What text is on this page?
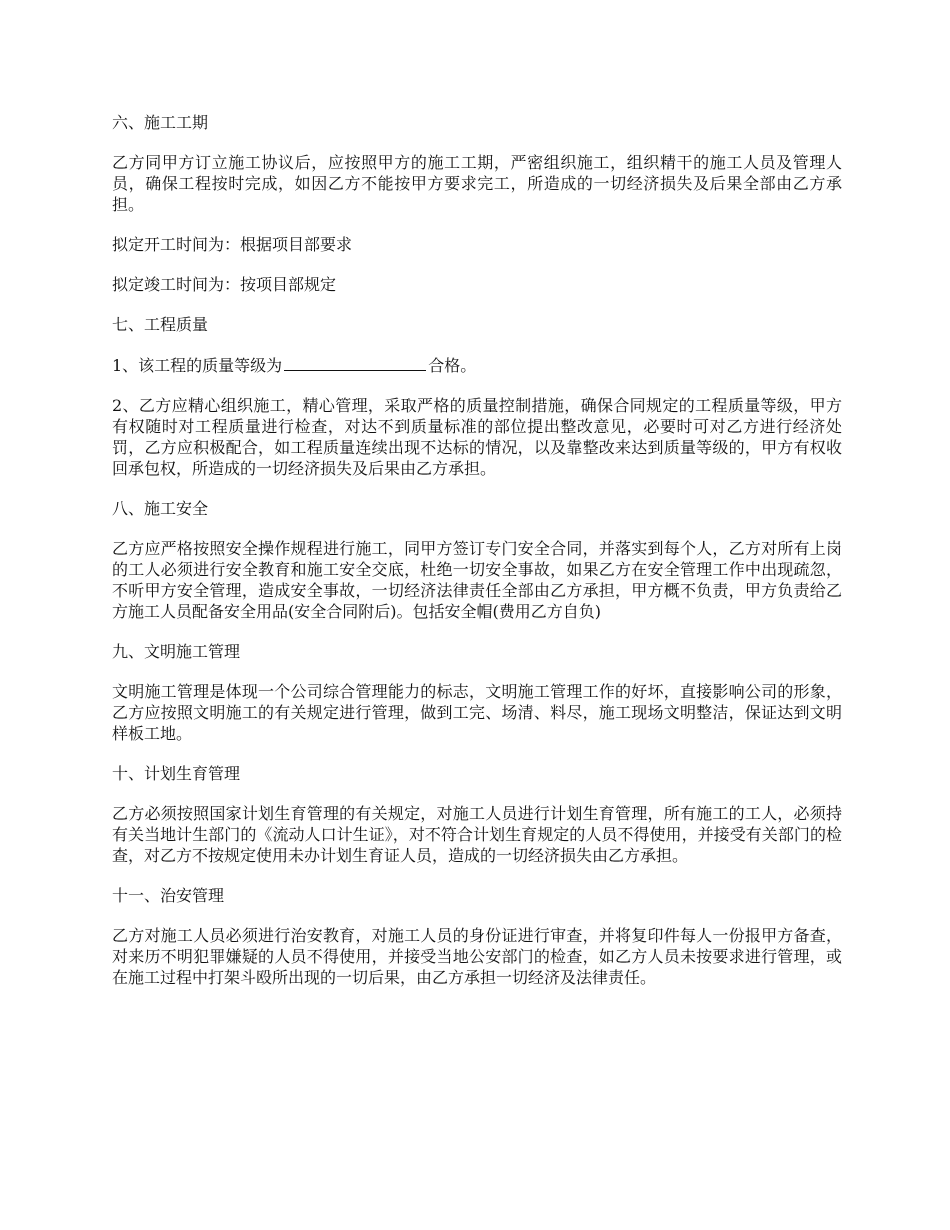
六、施工工期

乙方同甲方订立施工协议后，应按照甲方的施工工期，严密组织施工，组织精干的施工人员及管理人员，确保工程按时完成，如因乙方不能按甲方要求完工，所造成的一切经济损失及后果全部由乙方承担。

拟定开工时间为：根据项目部要求

拟定竣工时间为：按项目部规定

七、工程质量

1、该工程的质量等级为	合格。

2、乙方应精心组织施工，精心管理，采取严格的质量控制措施，确保合同规定的工程质量等级，甲方有权随时对工程质量进行检查，对达不到质量标准的部位提出整改意见，必要时可对乙方进行经济处罚，乙方应积极配合，如工程质量连续出现不达标的情况，以及靠整改来达到质量等级的，甲方有权收回承包权，所造成的一切经济损失及后果由乙方承担。

八、施工安全

乙方应严格按照安全操作规程进行施工，同甲方签订专门安全合同，并落实到每个人，乙方对所有上岗的工人必须进行安全教育和施工安全交底，杜绝一切安全事故，如果乙方在安全管理工作中出现疏忽，不听甲方安全管理，造成安全事故，一切经济法律责任全部由乙方承担，甲方概不负责，甲方负责给乙方施工人员配备安全用品(安全合同附后)。包括安全帽(费用乙方自负)

九、文明施工管理

文明施工管理是体现一个公司综合管理能力的标志，文明施工管理工作的好坏，直接影响公司的形象，乙方应按照文明施工的有关规定进行管理，做到工完、场清、料尽，施工现场文明整洁，保证达到文明样板工地。

十、计划生育管理

乙方必须按照国家计划生育管理的有关规定，对施工人员进行计划生育管理，所有施工的工人，必须持有关当地计生部门的《流动人口计生证》，对不符合计划生育规定的人员不得使用，并接受有关部门的检查，对乙方不按规定使用未办计划生育证人员，造成的一切经济损失由乙方承担。

十一、治安管理

乙方对施工人员必须进行治安教育，对施工人员的身份证进行审查，并将复印件每人一份报甲方备查，对来历不明犯罪嫌疑的人员不得使用，并接受当地公安部门的检查，如乙方人员未按要求进行管理，或在施工过程中打架斗殴所出现的一切后果，由乙方承担一切经济及法律责任。
